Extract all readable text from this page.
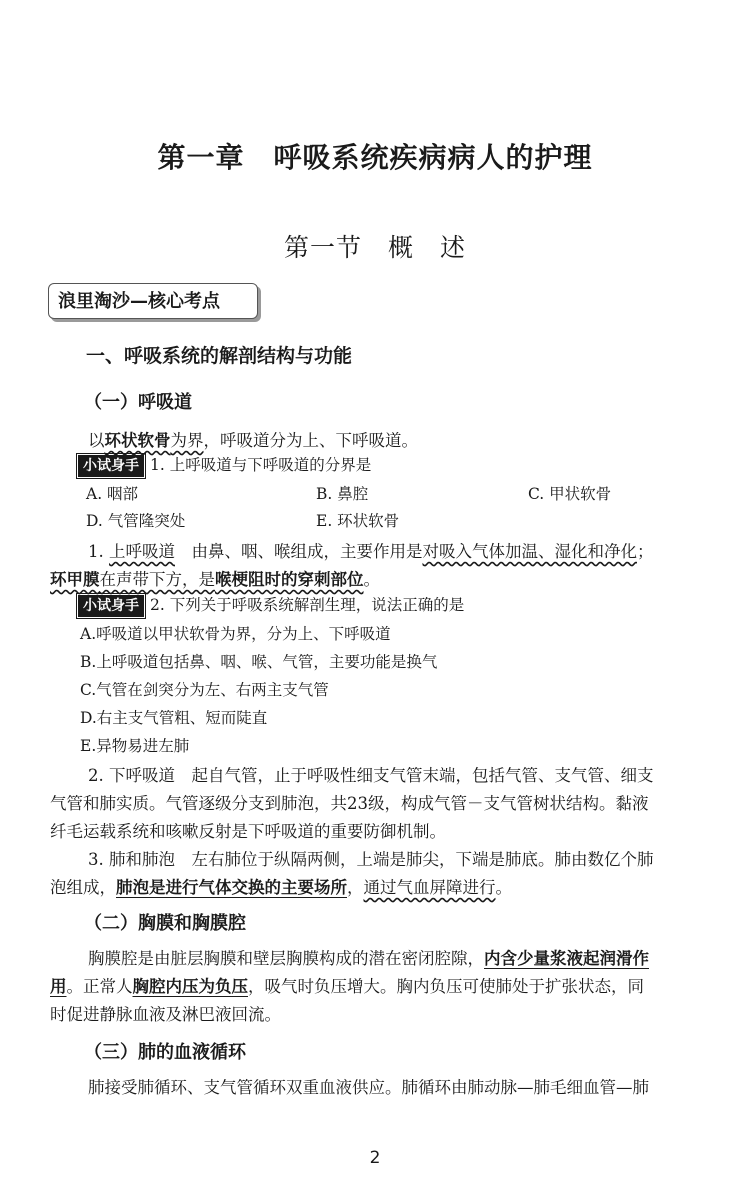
第一章　呼吸系统疾病病人的护理
第一节　概　述
浪里淘沙—核心考点
一、呼吸系统的解剖结构与功能
（一）呼吸道
以环状软骨为界，呼吸道分为上、下呼吸道。
小试身手 1. 上呼吸道与下呼吸道的分界是
A. 咽部	B. 鼻腔	C. 甲状软骨
D. 气管隆突处	E. 环状软骨
1. 上呼吸道　由鼻、咽、喉组成，主要作用是对吸入气体加温、湿化和净化；
环甲膜在声带下方，是喉梗阻时的穿刺部位。
小试身手 2. 下列关于呼吸系统解剖生理，说法正确的是
A.呼吸道以甲状软骨为界，分为上、下呼吸道
B.上呼吸道包括鼻、咽、喉、气管，主要功能是换气
C.气管在剑突分为左、右两主支气管
D.右主支气管粗、短而陡直
E.异物易进左肺
2. 下呼吸道　起自气管，止于呼吸性细支气管末端，包括气管、支气管、细支
气管和肺实质。气管逐级分支到肺泡，共23级，构成气管－支气管树状结构。黏液
纤毛运载系统和咳嗽反射是下呼吸道的重要防御机制。
3. 肺和肺泡　左右肺位于纵隔两侧，上端是肺尖，下端是肺底。肺由数亿个肺
泡组成，肺泡是进行气体交换的主要场所，通过气血屏障进行。
（二）胸膜和胸膜腔
胸膜腔是由脏层胸膜和壁层胸膜构成的潜在密闭腔隙，内含少量浆液起润滑作
用。正常人胸腔内压为负压，吸气时负压增大。胸内负压可使肺处于扩张状态，同
时促进静脉血液及淋巴液回流。
（三）肺的血液循环
肺接受肺循环、支气管循环双重血液供应。肺循环由肺动脉—肺毛细血管—肺
2
